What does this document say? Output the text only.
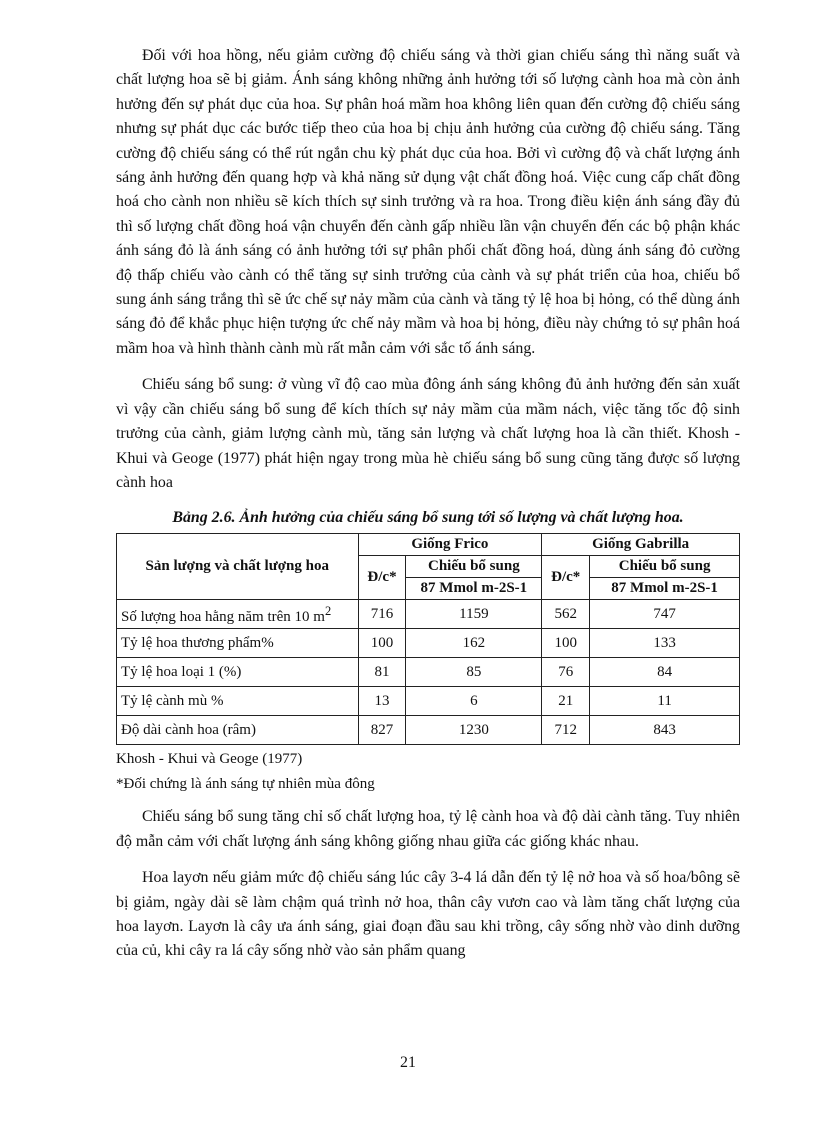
Đối với hoa hồng, nếu giảm cường độ chiếu sáng và thời gian chiếu sáng thì năng suất và chất lượng hoa sẽ bị giảm. Ánh sáng không những ảnh hưởng tới số lượng cành hoa mà còn ảnh hưởng đến sự phát dục của hoa. Sự phân hoá mầm hoa không liên quan đến cường độ chiếu sáng nhưng sự phát dục các bước tiếp theo của hoa bị chịu ảnh hưởng của cường độ chiếu sáng. Tăng cường độ chiếu sáng có thể rút ngắn chu kỳ phát dục của hoa. Bởi vì cường độ và chất lượng ánh sáng ảnh hưởng đến quang hợp và khả năng sử dụng vật chất đồng hoá. Việc cung cấp chất đồng hoá cho cành non nhiều sẽ kích thích sự sinh trưởng và ra hoa. Trong điều kiện ánh sáng đầy đủ thì số lượng chất đồng hoá vận chuyển đến cành gấp nhiều lần vận chuyển đến các bộ phận khác ánh sáng đỏ là ánh sáng có ảnh hưởng tới sự phân phối chất đồng hoá, dùng ánh sáng đỏ cường độ thấp chiếu vào cành có thể tăng sự sinh trưởng của cành và sự phát triển của hoa, chiếu bổ sung ánh sáng trắng thì sẽ ức chế sự nảy mầm của cành và tăng tỷ lệ hoa bị hỏng, có thể dùng ánh sáng đỏ để khắc phục hiện tượng ức chế nảy mầm và hoa bị hỏng, điều này chứng tỏ sự phân hoá mầm hoa và hình thành cành mù rất mẫn cảm với sắc tố ánh sáng.

Chiếu sáng bổ sung: ở vùng vĩ độ cao mùa đông ánh sáng không đủ ảnh hưởng đến sản xuất vì vậy cần chiếu sáng bổ sung để kích thích sự nảy mầm của mầm nách, việc tăng tốc độ sinh trưởng của cành, giảm lượng cành mù, tăng sản lượng và chất lượng hoa là cần thiết. Khosh - Khui và Geoge (1977) phát hiện ngay trong mùa hè chiếu sáng bổ sung cũng tăng được số lượng cành hoa

Bảng 2.6. Ảnh hưởng của chiếu sáng bổ sung tới số lượng và chất lượng hoa.
Sản lượng và chất lượng hoa	Giống Frico		Giống Gabrilla	
	Đ/c*	Chiếu bổ sung	Đ/c*	Chiếu bổ sung
		87 Mmol m-2S-1		87 Mmol m-2S-1
Số lượng hoa hằng năm trên 10 $m^2$	716	1159	562	747
Tỷ lệ hoa thương phẩm%	100	162	100	133
Tỷ lệ hoa loại 1 (%)	81	85	76	84
Tỷ lệ cành mù %	13	6	21	11
Độ dài cành hoa (râm)	827	1230	712	843

Khosh - Khui và Geoge (1977)

*Đối chứng là ánh sáng tự nhiên mùa đông

Chiếu sáng bổ sung tăng chỉ số chất lượng hoa, tỷ lệ cành hoa và độ dài cành tăng. Tuy nhiên độ mẫn cảm với chất lượng ánh sáng không giống nhau giữa các giống khác nhau.

Hoa layơn nếu giảm mức độ chiếu sáng lúc cây 3-4 lá dẫn đến tỷ lệ nở hoa và số hoa/bông sẽ bị giảm, ngày dài sẽ làm chậm quá trình nở hoa, thân cây vươn cao và làm tăng chất lượng của hoa layơn. Layơn là cây ưa ánh sáng, giai đoạn đầu sau khi trồng, cây sống nhờ vào dinh dưỡng của củ, khi cây ra lá cây sống nhờ vào sản phẩm quang

21
